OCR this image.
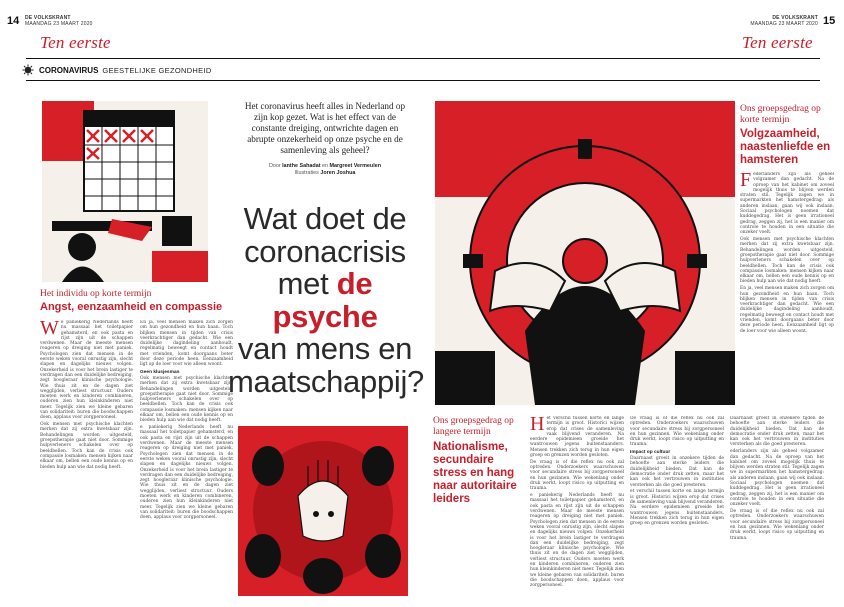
14 DE VOLKSKRANT
MAANDAG 23 MAART 2020
Ten eerste
DE VOLKSKRANT
MAANDAG 23 MAART 2020 15
Ten eerste
CORONAVIRUS GEESTELIJKE GEZONDHEID
Het individu op korte termijn
Angst, eenzaamheid en compassie
W e paniekerig Nederlands heeft nu massaal het toiletpapier gehamsterd, en ook pasta en rijst zijn uit de schappen verdwenen. Maar de meeste mensen reageren op dreiging niet met paniek. Psychologen zien dat mensen in de eerste weken vooral onrustig zijn, slecht slapen en dagelijks nieuws volgen. Onzekerheid is voor het brein lastiger te verdragen dan een duidelijke bedreiging, zegt hoogleraar klinische psychologie. Wie thuis zit en de dagen ziet wegglijden, verliest structuur. Ouders moeten werk en kinderen combineren, ouderen zien hun kleinkinderen niet meer. Tegelijk zien we kleine gebaren van solidariteit: buren die boodschappen doen, applaus voor zorgpersoneel.

Ook mensen met psychische klachten merken dat zij extra kwetsbaar zijn. Behandelingen worden uitgesteld, groepstherapie gaat niet door. Sommige hulpverleners schakelen over op beeldbellen. Toch kan de crisis ook compassie losmaken: mensen kijken naar elkaar om, bellen een oude kennis op en bieden hulp aan wie dat nodig heeft.

En ja, veel mensen maken zich zorgen om hun gezondheid en hun baan. Toch blijken mensen in tijden van crisis veerkrachtiger dan gedacht. Wie een duidelijke dagindeling aanhoudt, regelmatig beweegt en contact houdt met vrienden, komt doorgaans beter door deze periode heen. Eenzaamheid ligt op de loer voor wie alleen woont.

Geen klusjesman

Ook mensen met psychische klachten merken dat zij extra kwetsbaar zijn. Behandelingen worden uitgesteld, groepstherapie gaat niet door. Sommige hulpverleners schakelen over op beeldbellen. Toch kan de crisis ook compassie losmaken: mensen kijken naar elkaar om, bellen een oude kennis op en bieden hulp aan wie dat nodig heeft.

e paniekerig Nederlands heeft nu massaal het toiletpapier gehamsterd, en ook pasta en rijst zijn uit de schappen verdwenen. Maar de meeste mensen reageren op dreiging niet met paniek. Psychologen zien dat mensen in de eerste weken vooral onrustig zijn, slecht slapen en dagelijks nieuws volgen. Onzekerheid is voor het brein lastiger te verdragen dan een duidelijke bedreiging, zegt hoogleraar klinische psychologie. Wie thuis zit en de dagen ziet wegglijden, verliest structuur. Ouders moeten werk en kinderen combineren, ouderen zien hun kleinkinderen niet meer. Tegelijk zien we kleine gebaren van solidariteit: buren die boodschappen doen, applaus voor zorgpersoneel.

Het coronavirus heeft alles in Nederland op zijn kop gezet. Wat is het effect van de constante dreiging, ontwrichte dagen en abrupte onzekerheid op onze psyche en de samenleving als geheel?
Door Ianthe Sahadat en Margreet Vermeulen
Illustraties Joren Joshua
Wat doet de
coronacrisis
met de psyche
van mens en
maatschappij?
Ons groepsgedrag op korte termijn
Volgzaamheid, naastenliefde en hamsteren
F ederlanders zijn als geheel volgzamer dan gedacht. Na de oproep van het kabinet om zoveel mogelijk thuis te blijven werden straten stil. Tegelijk zagen we in supermarkten het hamstergedrag: als anderen inslaan, gaan wij ook inslaan. Sociaal psychologen noemen dat kuddegedrag. Het is geen irrationeel gedrag, zeggen zij, het is een manier om controle te houden in een situatie die onzeker voelt.

Ook mensen met psychische klachten merken dat zij extra kwetsbaar zijn. Behandelingen worden uitgesteld, groepstherapie gaat niet door. Sommige hulpverleners schakelen over op beeldbellen. Toch kan de crisis ook compassie losmaken: mensen kijken naar elkaar om, bellen een oude kennis op en bieden hulp aan wie dat nodig heeft.

En ja, veel mensen maken zich zorgen om hun gezondheid en hun baan. Toch blijken mensen in tijden van crisis veerkrachtiger dan gedacht. Wie een duidelijke dagindeling aanhoudt, regelmatig beweegt en contact houdt met vrienden, komt doorgaans beter door deze periode heen. Eenzaamheid ligt op de loer voor wie alleen woont.

Ons groepsgedrag op langere termijn
Nationalisme, secundaire stress en hang naar autoritaire leiders
H et verschil tussen korte en lange termijn is groot. Historici wijzen erop dat crises de samenleving vaak blijvend veranderen. Na eerdere epidemieen groeide het wantrouwen jegens buitenstaanders. Mensen trekken zich terug in hun eigen groep en grenzen worden gesloten.

De vraag is of die reflex nu ook zal optreden. Onderzoekers waarschuwen voor secundaire stress bij zorgpersoneel en hun gezinnen. Wie wekenlang onder druk werkt, loopt risico op uitputting en trauma.

e paniekerig Nederlands heeft nu massaal het toiletpapier gehamsterd, en ook pasta en rijst zijn uit de schappen verdwenen. Maar de meeste mensen reageren op dreiging niet met paniek. Psychologen zien dat mensen in de eerste weken vooral onrustig zijn, slecht slapen en dagelijks nieuws volgen. Onzekerheid is voor het brein lastiger te verdragen dan een duidelijke bedreiging, zegt hoogleraar klinische psychologie. Wie thuis zit en de dagen ziet wegglijden, verliest structuur. Ouders moeten werk en kinderen combineren, ouderen zien hun kleinkinderen niet meer. Tegelijk zien we kleine gebaren van solidariteit: buren die boodschappen doen, applaus voor zorgpersoneel.

De vraag is of die reflex nu ook zal optreden. Onderzoekers waarschuwen voor secundaire stress bij zorgpersoneel en hun gezinnen. Wie wekenlang onder druk werkt, loopt risico op uitputting en trauma.

Impact op cultuur

Daarnaast groeit in onzekere tijden de behoefte aan sterke leiders die duidelijkheid bieden. Dat kan de democratie onder druk zetten, maar het kan ook het vertrouwen in instituties versterken als die goed presteren.

et verschil tussen korte en lange termijn is groot. Historici wijzen erop dat crises de samenleving vaak blijvend veranderen. Na eerdere epidemieen groeide het wantrouwen jegens buitenstaanders. Mensen trekken zich terug in hun eigen groep en grenzen worden gesloten.

Daarnaast groeit in onzekere tijden de behoefte aan sterke leiders die duidelijkheid bieden. Dat kan de democratie onder druk zetten, maar het kan ook het vertrouwen in instituties versterken als die goed presteren.

ederlanders zijn als geheel volgzamer dan gedacht. Na de oproep van het kabinet om zoveel mogelijk thuis te blijven werden straten stil. Tegelijk zagen we in supermarkten het hamstergedrag: als anderen inslaan, gaan wij ook inslaan. Sociaal psychologen noemen dat kuddegedrag. Het is geen irrationeel gedrag, zeggen zij, het is een manier om controle te houden in een situatie die onzeker voelt.

De vraag is of die reflex nu ook zal optreden. Onderzoekers waarschuwen voor secundaire stress bij zorgpersoneel en hun gezinnen. Wie wekenlang onder druk werkt, loopt risico op uitputting en trauma.
